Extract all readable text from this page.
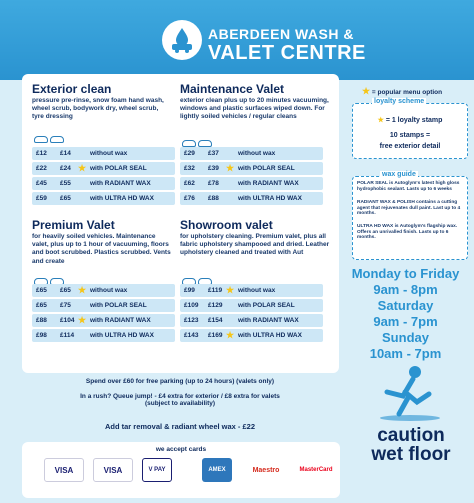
ABERDEEN WASH &
VALET CENTRE
Exterior clean
pressure pre-rinse, snow foam hand wash, wheel scrub, bodywork dry, wheel scrub, tyre dressing
£12 £14	without wax
£22 £24 ★ with POLAR SEAL
£45 £55	with RADIANT WAX
£59 £65	with ULTRA HD WAX
Maintenance Valet
exterior clean plus up to 20 minutes vacuuming, windows and plastic surfaces wiped down. For lightly soiled vehicles / regular cleans
£29 £37	without wax
£32 £39 ★ with POLAR SEAL
£62 £78	with RADIANT WAX
£76 £88	with ULTRA HD WAX
Premium Valet
for heavily soiled vehicles. Maintenance valet, plus up to 1 hour of vacuuming, floors and boot scrubbed. Plastics scrubbed. Vents and create
£65 £65 ★ without wax
£65 £75	with POLAR SEAL
£88 £104 ★ with RADIANT WAX
£98 £114 with ULTRA HD WAX
Showroom valet
for upholstery cleaning. Premium valet, plus all fabric upholstery shampooed and dried. Leather upholstery cleaned and treated with Aut
£99 £119 ★ without wax
£109 £129 with POLAR SEAL
£123 £154 with RADIANT WAX
£143 £169 ★ with ULTRA HD WAX
★ = popular menu option
loyalty scheme
★ = 1 loyalty stamp
10 stamps =
free exterior detail
wax guide
POLAR SEAL is Autoglym's latest high gloss hydrophobic sealant. Lasts up to 6 weeks
RADIANT WAX & POLISH contains a cutting agent that rejuvenates dull paint. Last up to 4 months.
ULTRA HD WAX is Autoglym's flagship wax. Offers an unrivalled finish. Lasts up to 6 months.
Monday to Friday
9am - 8pm
Saturday
9am - 7pm
Sunday
10am - 7pm
Spend over £60 for free parking (up to 24 hours) (valets only)
In a rush? Queue jump! - £4 extra for exterior / £8 extra for valets
(subject to availability)
Add tar removal & radiant wheel wax - £22
we accept cards
VISA	VISA	V PAY	AMEX	Maestro	MasterCard
caution
wet floor
